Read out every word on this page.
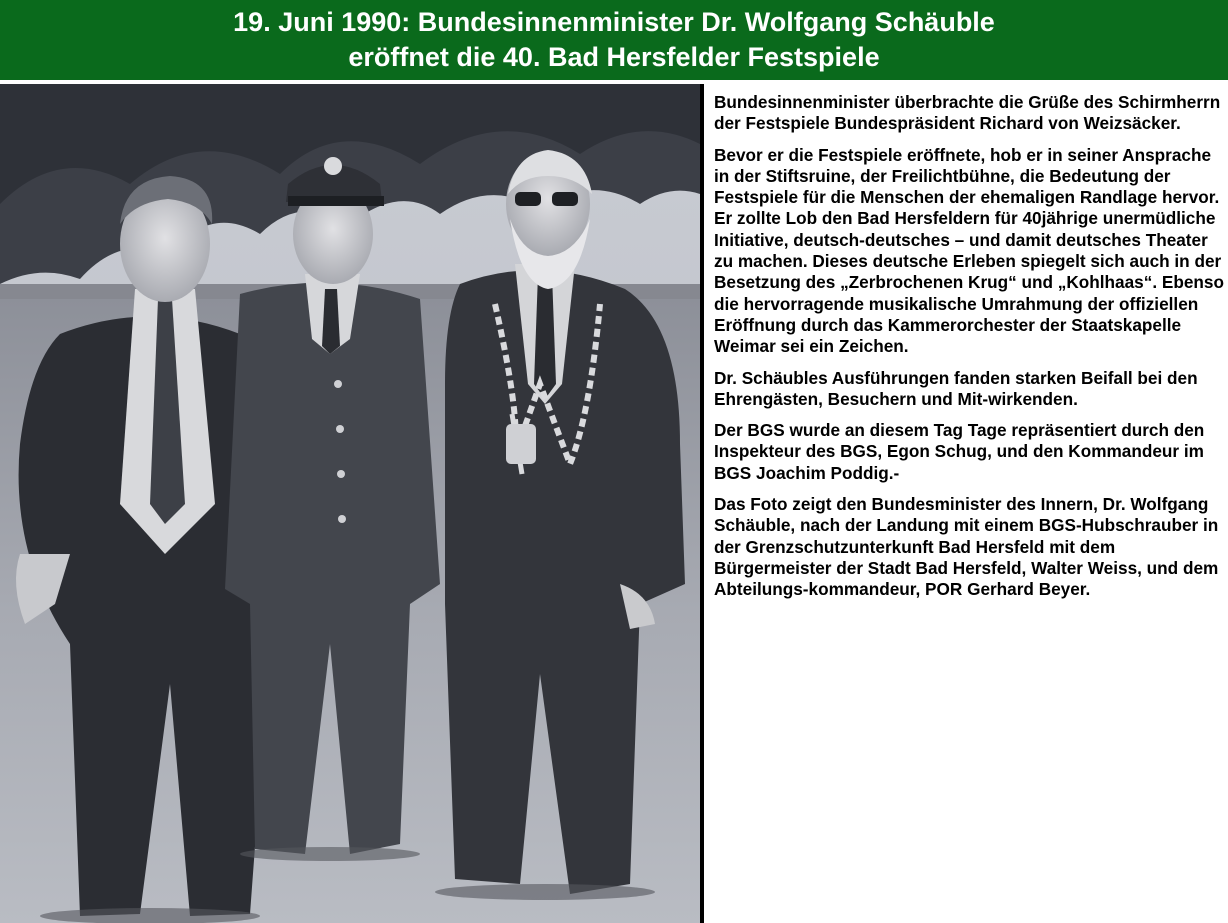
19. Juni 1990: Bundesinnenminister Dr. Wolfgang Schäuble
eröffnet die 40. Bad Hersfelder Festspiele

Bundesinnenminister überbrachte die Grüße des Schirmherrn der Festspiele Bundespräsident Richard von Weizsäcker.

Bevor er die Festspiele eröffnete, hob er in seiner Ansprache in der Stiftsruine, der Freilichtbühne, die Bedeutung der Festspiele für die Menschen der ehemaligen Randlage hervor. Er zollte Lob den Bad Hersfeldern für 40jährige unermüdliche Initiative, deutsch-deutsches – und damit deutsches Theater zu machen. Dieses deutsche Erleben spiegelt sich auch in der Besetzung des „Zerbrochenen Krug“ und „Kohlhaas“. Ebenso die hervorragende musikalische Umrahmung der offiziellen Eröffnung durch das Kammerorchester der Staatskapelle Weimar sei ein Zeichen.

Dr. Schäubles Ausführungen fanden starken Beifall bei den Ehrengästen, Besuchern und Mit-wirkenden.

Der BGS wurde an diesem Tag Tage repräsentiert durch den Inspekteur des BGS, Egon Schug, und den Kommandeur im BGS Joachim Poddig.-

Das Foto zeigt den Bundesminister des Innern, Dr. Wolfgang Schäuble, nach der Landung mit einem BGS-Hubschrauber in der Grenzschutzunterkunft Bad Hersfeld mit dem Bürgermeister der Stadt Bad Hersfeld, Walter Weiss, und dem Abteilungs-kommandeur, POR Gerhard Beyer.
